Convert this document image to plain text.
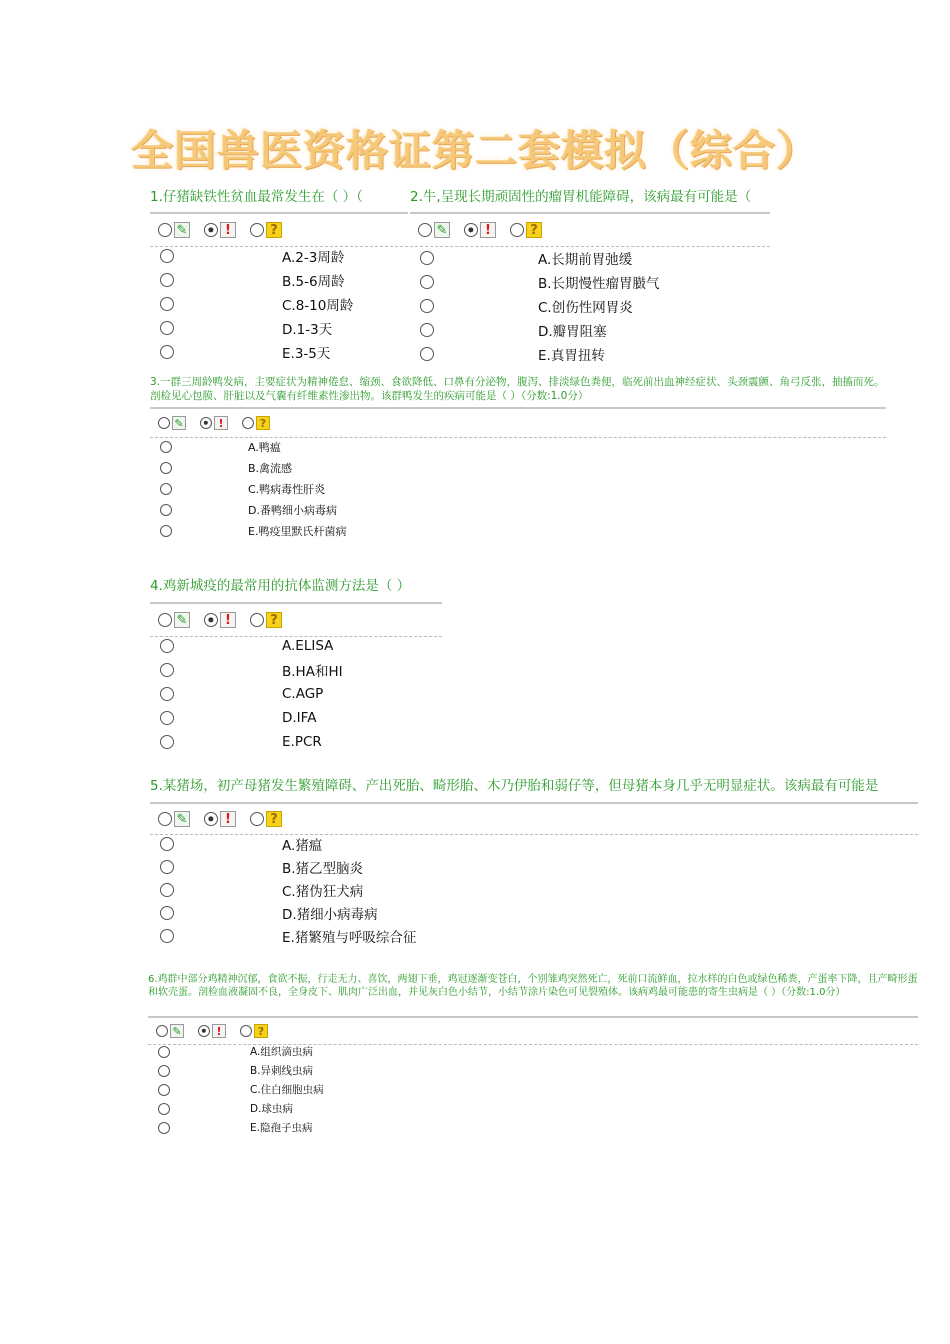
全国兽医资格证第二套模拟（综合）
1.仔猪缺铁性贫血最常发生在（ ）（
✎	!	?
A.2-3周龄
B.5-6周龄
C.8-10周龄
D.1-3天
E.3-5天
2.牛,呈现长期顽固性的瘤胃机能障碍，该病最有可能是（
✎	!	?
A.长期前胃弛缓
B.长期慢性瘤胃臌气
C.创伤性网胃炎
D.瓣胃阻塞
E.真胃扭转
3.一群三周龄鸭发病，主要症状为精神倦怠、缩颈、食欲降低、口鼻有分泌物，腹泻、排淡绿色粪便，临死前出血神经症状、头颈震颤、角弓反张，抽搐而死。剖检见心包膜、肝脏以及气囊有纤维素性渗出物。该群鸭发生的疾病可能是（ ）（分数:1.0分）
✎	!	?
A.鸭瘟
B.禽流感
C.鸭病毒性肝炎
D.番鸭细小病毒病
E.鸭疫里默氏杆菌病
4.鸡新城疫的最常用的抗体监测方法是（ ）
✎	!	?
A.ELISA
B.HA和HI
C.AGP
D.IFA
E.PCR
5.某猪场，初产母猪发生繁殖障碍、产出死胎、畸形胎、木乃伊胎和弱仔等，但母猪本身几乎无明显症状。该病最有可能是
✎	!	?
A.猪瘟
B.猪乙型脑炎
C.猪伪狂犬病
D.猪细小病毒病
E.猪繁殖与呼吸综合征
6.鸡群中部分鸡精神沉郁，食欲不振，行走无力、喜饮，两翅下垂，鸡冠逐渐变苍白，个别雏鸡突然死亡，死前口流鲜血，拉水样的白色或绿色稀粪，产蛋率下降，且产畸形蛋和软壳蛋。剖检血液凝固不良，全身皮下、肌肉广泛出血，并见灰白色小结节，小结节涂片染色可见裂殖体。该病鸡最可能患的寄生虫病是（ ）（分数:1.0分）
✎	!	?
A.组织滴虫病
B.异刺线虫病
C.住白细胞虫病
D.球虫病
E.隐孢子虫病
